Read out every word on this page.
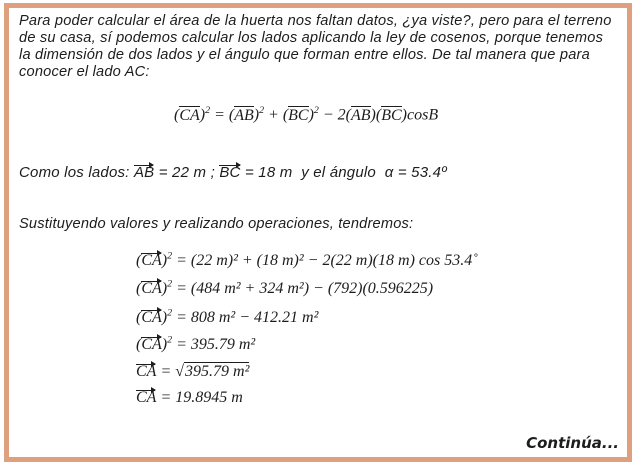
Para poder calcular el área de la huerta nos faltan datos, ¿ya viste?, pero para el terreno de su casa, sí podemos calcular los lados aplicando la ley de cosenos, porque tenemos la dimensión de dos lados y el ángulo que forman entre ellos. De tal manera que para conocer el lado AC:
(CA)$^2$ = (AB)$^2$ + (BC)$^2$ − 2(AB)(BC)cosB
Como los lados: AB = 22 m ; BC = 18 m y el ángulo α = 53.4º
Sustituyendo valores y realizando operaciones, tendremos:
(CA)$^2$ = (22 m)² + (18 m)² − 2(22 m)(18 m) cos 53.4˚
(CA)$^2$ = (484 m² + 324 m²) − (792)(0.596225)
(CA)$^2$ = 808 m² − 412.21 m²
(CA)$^2$ = 395.79 m²
CA = √395.79 m²
CA = 19.8945 m
Continúa...
